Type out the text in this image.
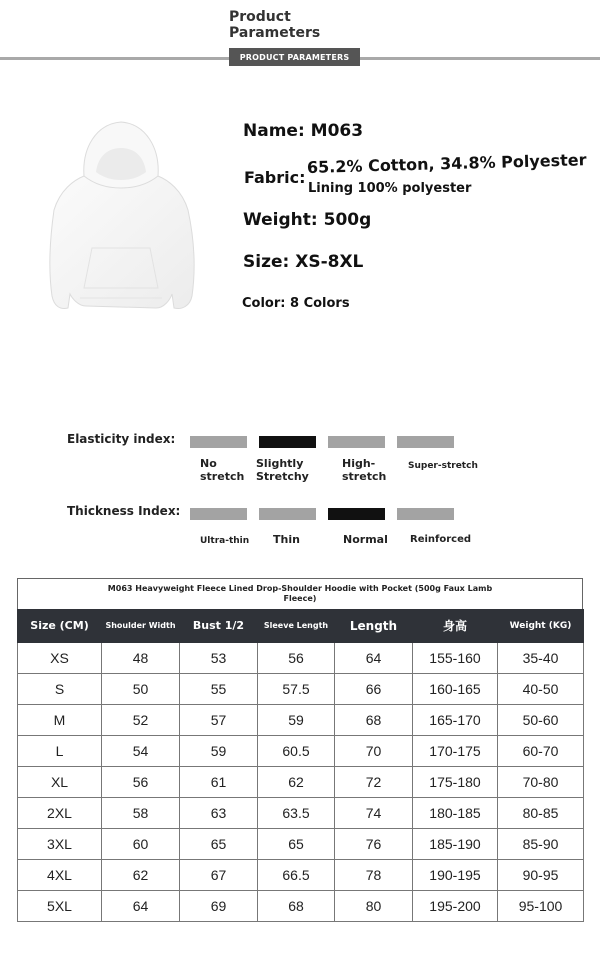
Product
Parameters
PRODUCT PARAMETERS
Name: M063
Fabric:
65.2% Cotton, 34.8% Polyester
Lining 100% polyester
Weight: 500g
Size: XS-8XL
Color: 8 Colors
Elasticity index:
No
stretch
Slightly
Stretchy
High-
stretch
Super-stretch
Thickness Index:
Ultra-thin Thin	Normal Reinforced
M063 Heavyweight Fleece Lined Drop-Shoulder Hoodie with Pocket (500g Faux Lamb Fleece)
Size (CM)	Shoulder Width	Bust 1/2	Sleeve Length	Length	身高	Weight (KG)
XS	48	53	56	64	155-160	35-40
S	50	55	57.5	66	160-165	40-50
M	52	57	59	68	165-170	50-60
L	54	59	60.5	70	170-175	60-70
XL	56	61	62	72	175-180	70-80
2XL	58	63	63.5	74	180-185	80-85
3XL	60	65	65	76	185-190	85-90
4XL	62	67	66.5	78	190-195	90-95
5XL	64	69	68	80	195-200	95-100
